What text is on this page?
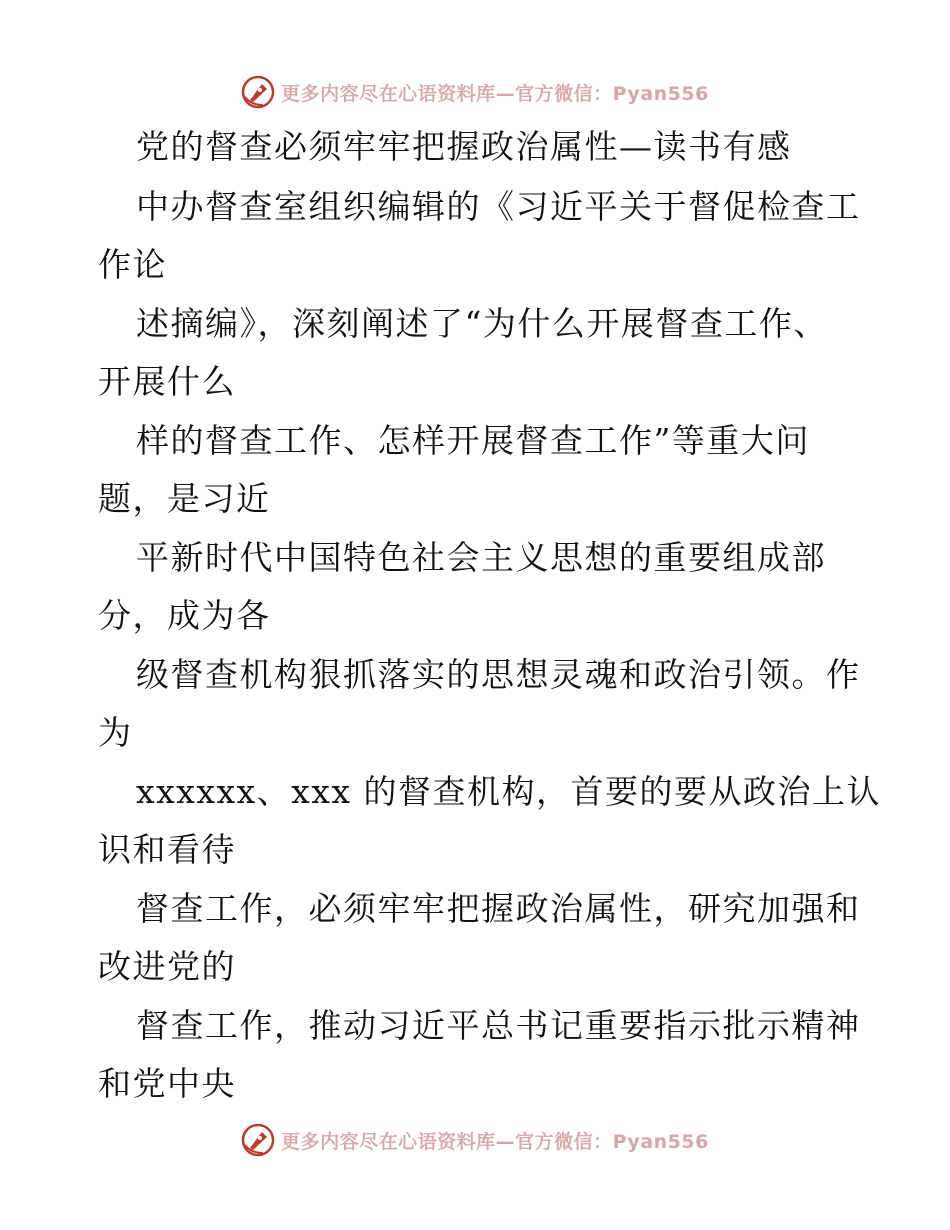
更多内容尽在心语资料库—官方微信：Pyan556
党的督查必须牢牢把握政治属性—读书有感
中办督查室组织编辑的《习近平关于督促检查工
作论
述摘编》，深刻阐述了“为什么开展督查工作、
开展什么
样的督查工作、怎样开展督查工作”等重大问
题，是习近
平新时代中国特色社会主义思想的重要组成部
分，成为各
级督查机构狠抓落实的思想灵魂和政治引领。作
为
xxxxxx、xxx 的督查机构，首要的要从政治上认
识和看待
督查工作，必须牢牢把握政治属性，研究加强和
改进党的
督查工作，推动习近平总书记重要指示批示精神
和党中央
更多内容尽在心语资料库—官方微信：Pyan556
